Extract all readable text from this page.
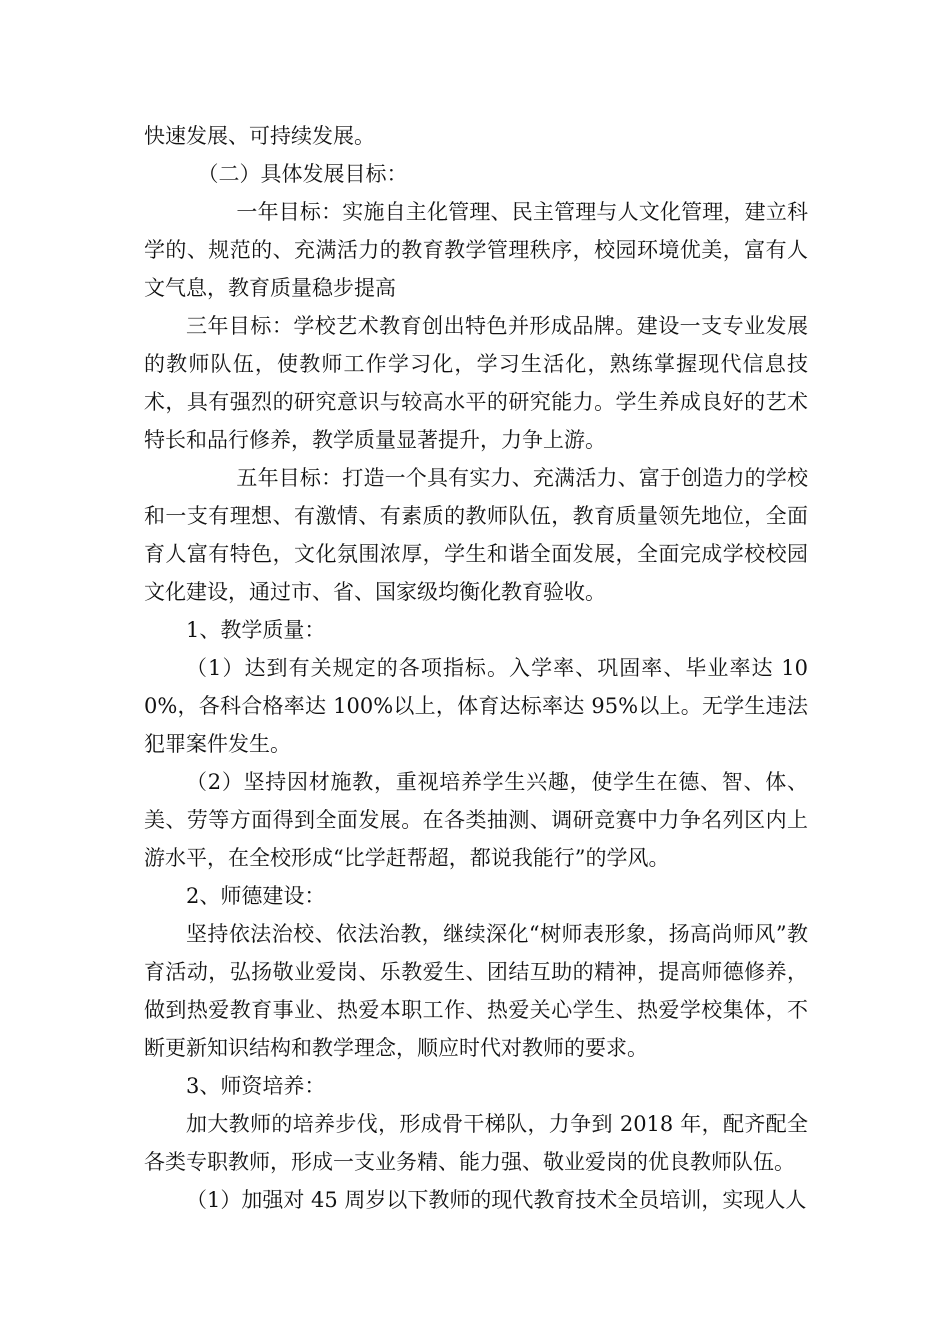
快速发展、可持续发展。

（二）具体发展目标：

一年目标：实施自主化管理、民主管理与人文化管理，建立科学的、规范的、充满活力的教育教学管理秩序，校园环境优美，富有人文气息，教育质量稳步提高

三年目标：学校艺术教育创出特色并形成品牌。建设一支专业发展的教师队伍，使教师工作学习化，学习生活化，熟练掌握现代信息技术，具有强烈的研究意识与较高水平的研究能力。学生养成良好的艺术特长和品行修养，教学质量显著提升，力争上游。

五年目标：打造一个具有实力、充满活力、富于创造力的学校和一支有理想、有激情、有素质的教师队伍，教育质量领先地位，全面育人富有特色，文化氛围浓厚，学生和谐全面发展，全面完成学校校园文化建设，通过市、省、国家级均衡化教育验收。

1、教学质量：

（1）达到有关规定的各项指标。入学率、巩固率、毕业率达 100%，各科合格率达 100%以上，体育达标率达 95%以上。无学生违法犯罪案件发生。

（2）坚持因材施教，重视培养学生兴趣，使学生在德、智、体、美、劳等方面得到全面发展。在各类抽测、调研竞赛中力争名列区内上游水平，在全校形成“比学赶帮超，都说我能行”的学风。

2、师德建设：

坚持依法治校、依法治教，继续深化“树师表形象，扬高尚师风”教育活动，弘扬敬业爱岗、乐教爱生、团结互助的精神，提高师德修养，做到热爱教育事业、热爱本职工作、热爱关心学生、热爱学校集体，不断更新知识结构和教学理念，顺应时代对教师的要求。

3、师资培养：

加大教师的培养步伐，形成骨干梯队，力争到 2018 年，配齐配全各类专职教师，形成一支业务精、能力强、敬业爱岗的优良教师队伍。

（1）加强对 45 周岁以下教师的现代教育技术全员培训，实现人人
